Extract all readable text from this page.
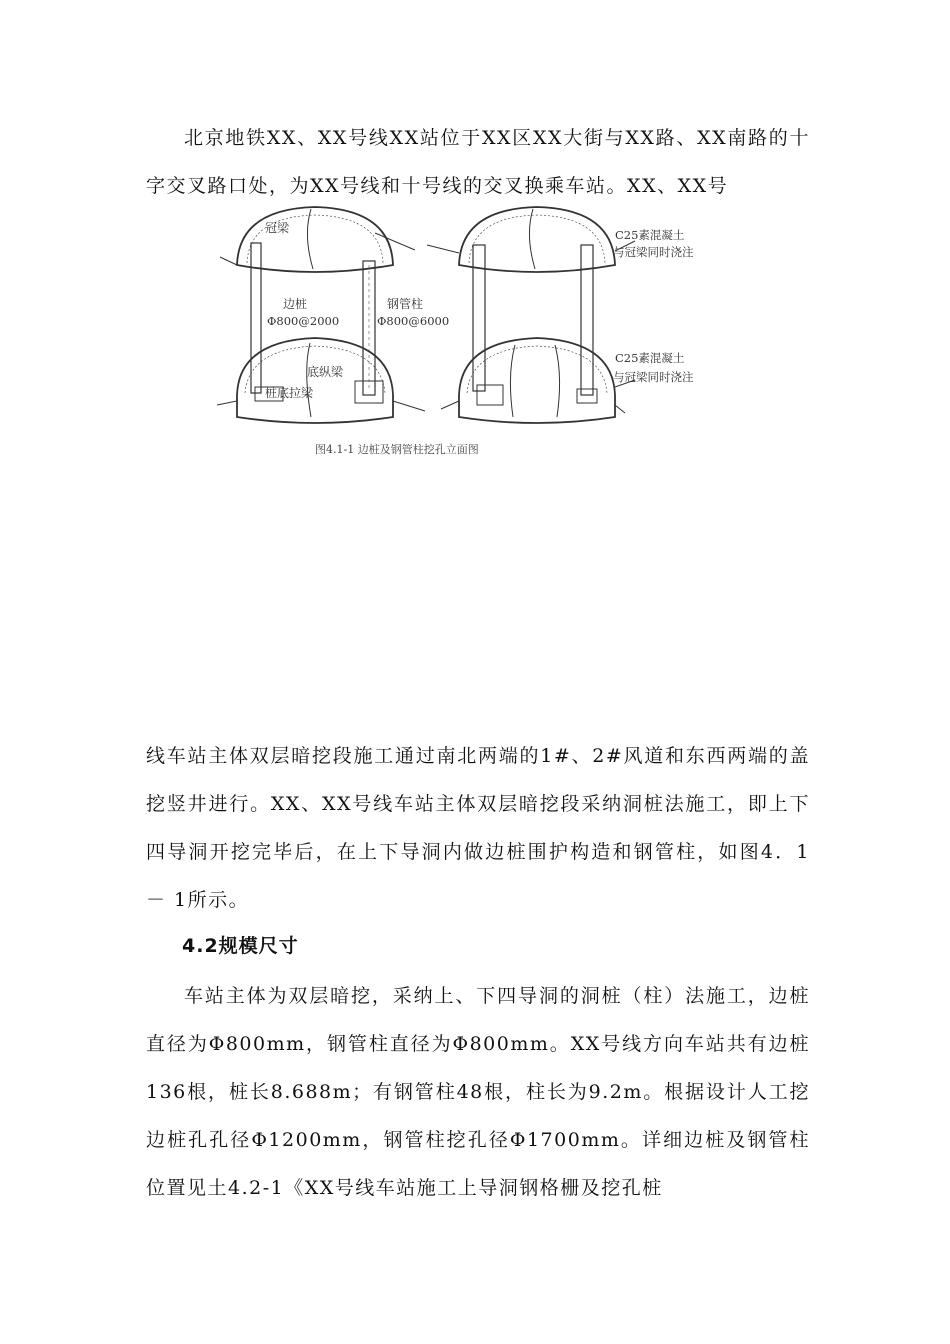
北京地铁XX、XX号线XX站位于XX区XX大街与XX路、XX南路的十字交叉路口处，为XX号线和十号线的交叉换乘车站。XX、XX号

冠梁
边桩
Φ800@2000
钢管柱
Φ800@6000
底纵梁
桩底拉梁
C25素混凝土
与冠梁同时浇注
C25素混凝土
与冠梁同时浇注

图4.1-1 边桩及钢管柱挖孔立面图

线车站主体双层暗挖段施工通过南北两端的1#、2#风道和东西两端的盖挖竖井进行。XX、XX号线车站主体双层暗挖段采纳洞桩法施工，即上下四导洞开挖完毕后，在上下导洞内做边桩围护构造和钢管柱，如图4．1 － 1所示。

4.2规模尺寸

车站主体为双层暗挖，采纳上、下四导洞的洞桩（柱）法施工，边桩直径为Φ800mm，钢管柱直径为Φ800mm。XX号线方向车站共有边桩136根，桩长8.688m；有钢管柱48根，柱长为9.2m。根据设计人工挖边桩孔孔径Φ1200mm，钢管柱挖孔径Φ1700mm。详细边桩及钢管柱位置见土4.2-1《XX号线车站施工上导洞钢格栅及挖孔桩
